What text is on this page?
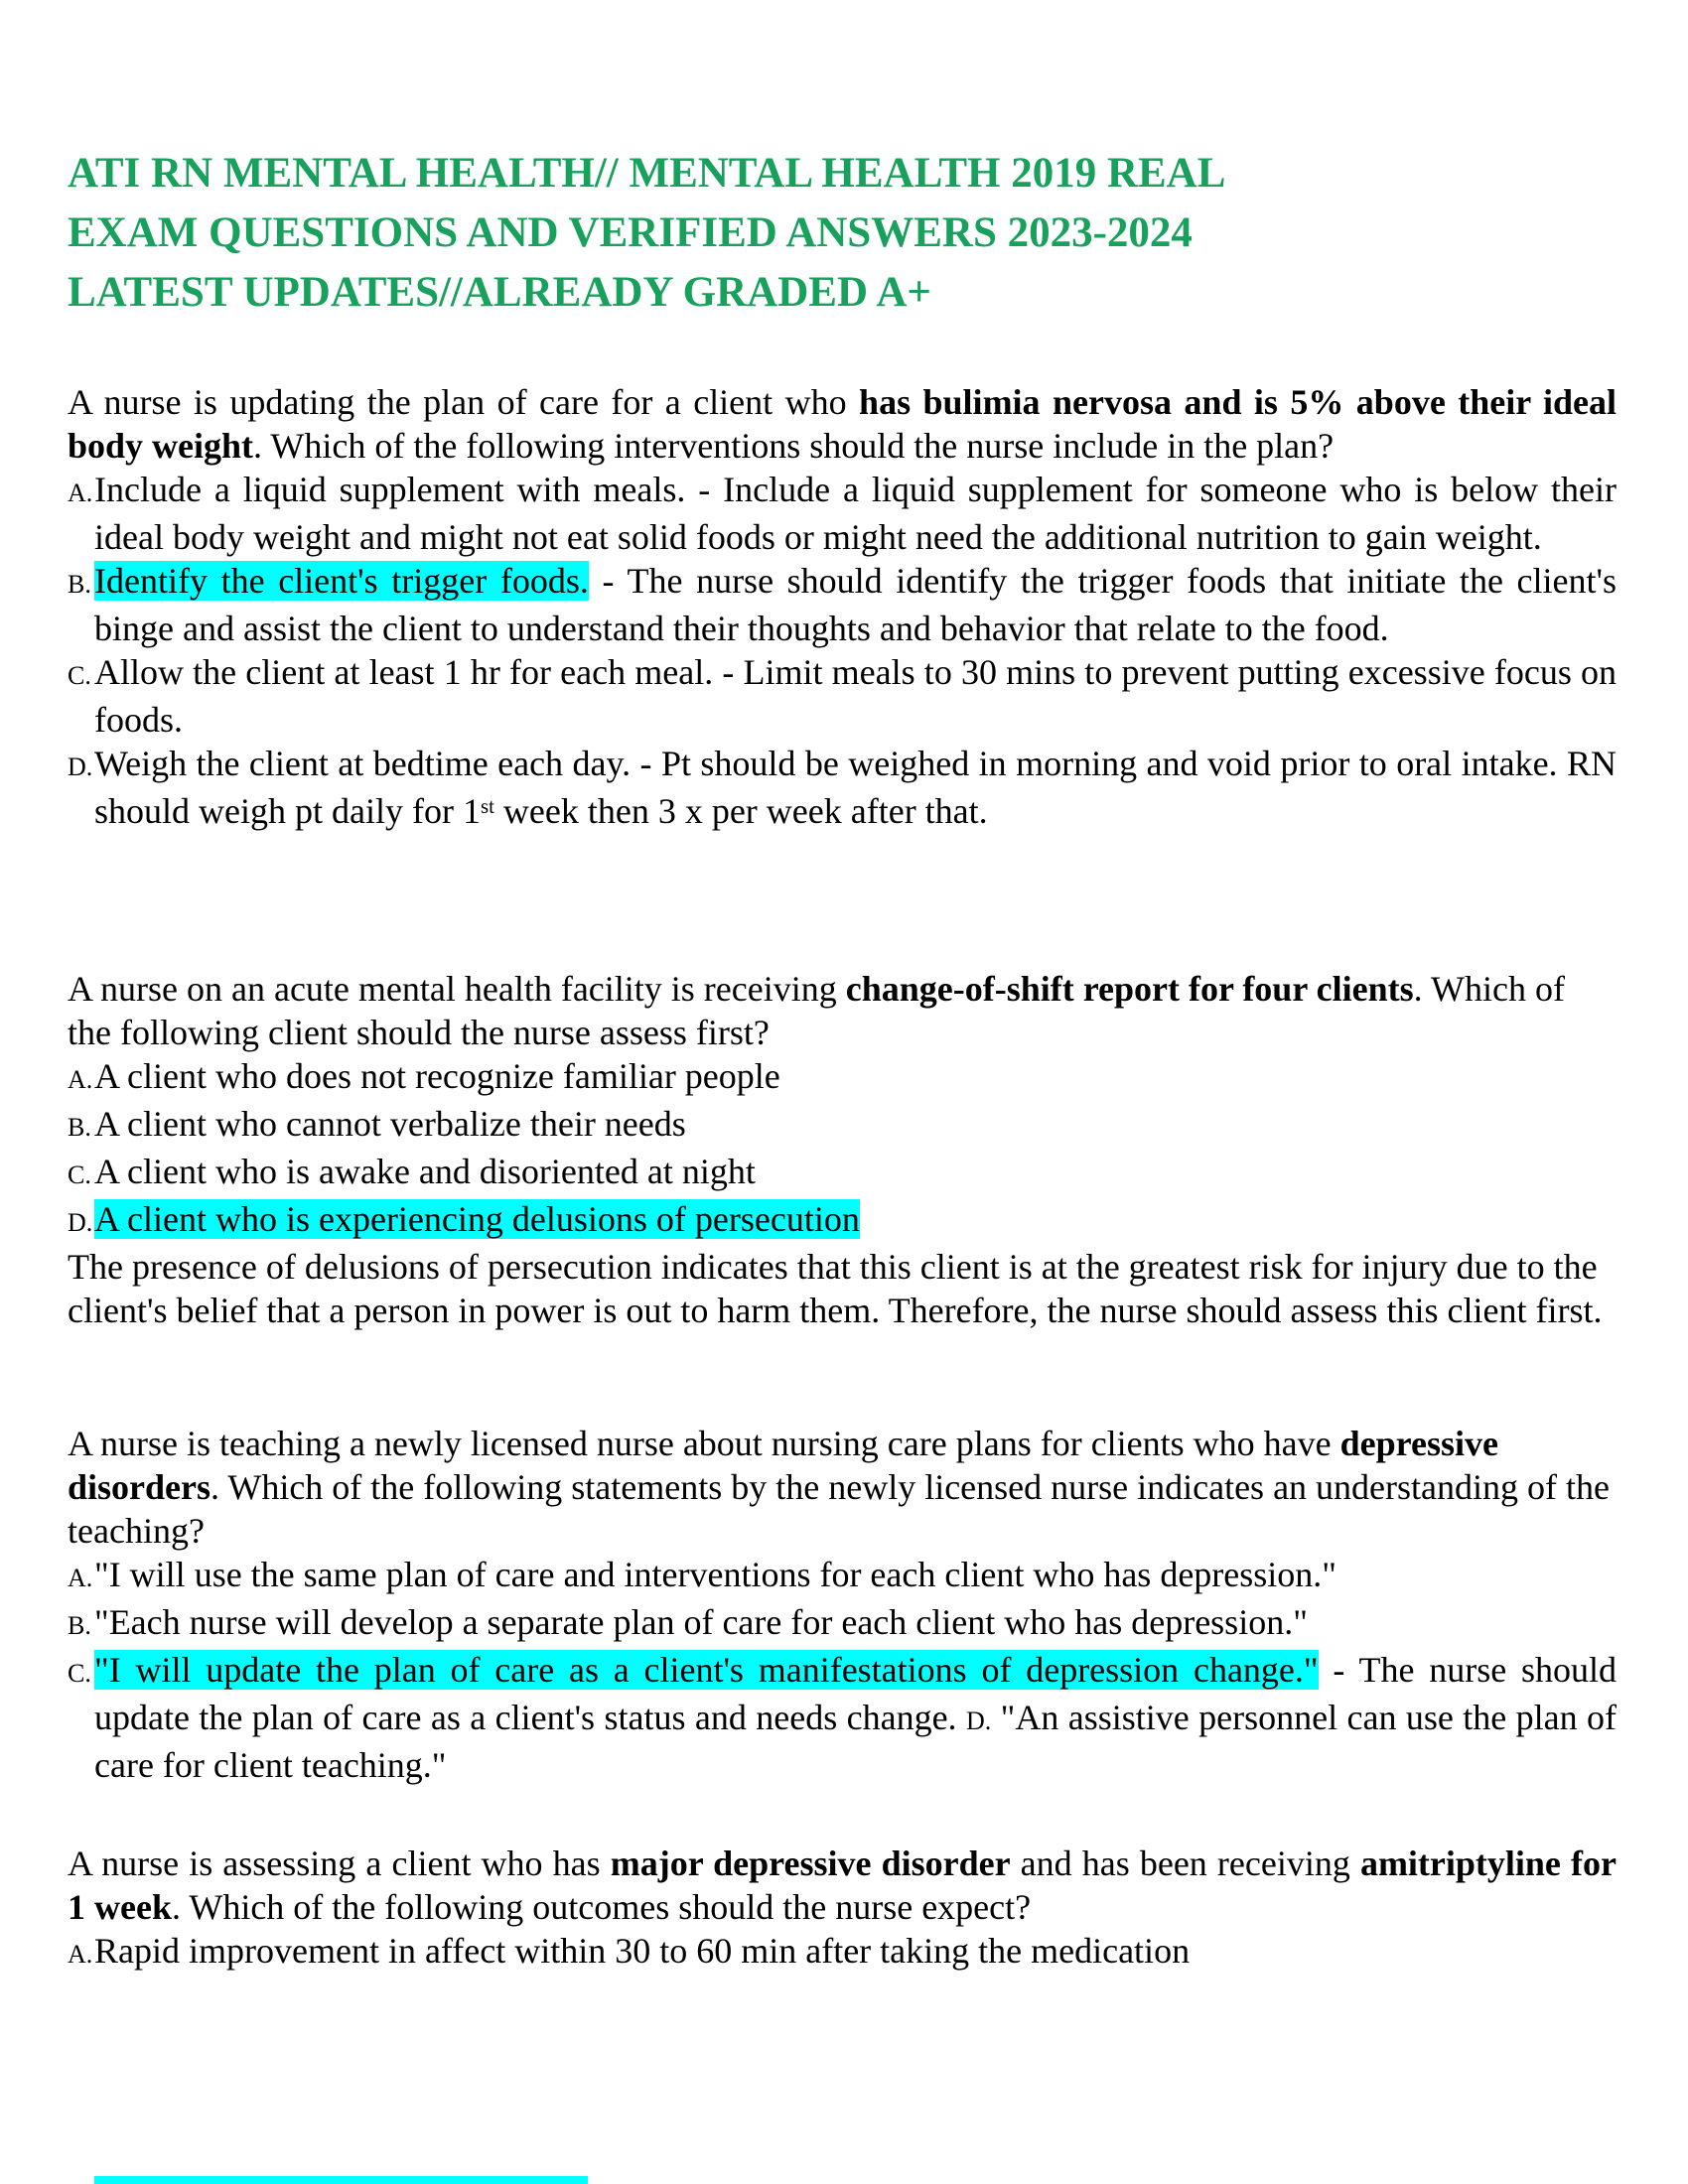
ATI RN MENTAL HEALTH// MENTAL HEALTH 2019 REAL
EXAM QUESTIONS AND VERIFIED ANSWERS 2023-2024
LATEST UPDATES//ALREADY GRADED A+

A nurse is updating the plan of care for a client who has bulimia nervosa and is 5% above their ideal body weight. Which of the following interventions should the nurse include in the plan?

A.Include a liquid supplement with meals. - Include a liquid supplement for someone who is below their ideal body weight and might not eat solid foods or might need the additional nutrition to gain weight.
B.Identify the client's trigger foods. - The nurse should identify the trigger foods that initiate the client's binge and assist the client to understand their thoughts and behavior that relate to the food.
C.Allow the client at least 1 hr for each meal. - Limit meals to 30 mins to prevent putting excessive focus on foods.
D.Weigh the client at bedtime each day. - Pt should be weighed in morning and void prior to oral intake. RN should weigh pt daily for 1st week then 3 x per week after that.

A nurse on an acute mental health facility is receiving change-of-shift report for four clients. Which of the following client should the nurse assess first?

A.A client who does not recognize familiar people
B.A client who cannot verbalize their needs
C.A client who is awake and disoriented at night
D.A client who is experiencing delusions of persecution

The presence of delusions of persecution indicates that this client is at the greatest risk for injury due to the client's belief that a person in power is out to harm them. Therefore, the nurse should assess this client first.

A nurse is teaching a newly licensed nurse about nursing care plans for clients who have depressive disorders. Which of the following statements by the newly licensed nurse indicates an understanding of the teaching?

A."I will use the same plan of care and interventions for each client who has depression."
B."Each nurse will develop a separate plan of care for each client who has depression."
C."I will update the plan of care as a client's manifestations of depression change." - The nurse should update the plan of care as a client's status and needs change. D. "An assistive personnel can use the plan of care for client teaching."

A nurse is assessing a client who has major depressive disorder and has been receiving amitriptyline for 1 week. Which of the following outcomes should the nurse expect?

A.Rapid improvement in affect within 30 to 60 min after taking the medication
